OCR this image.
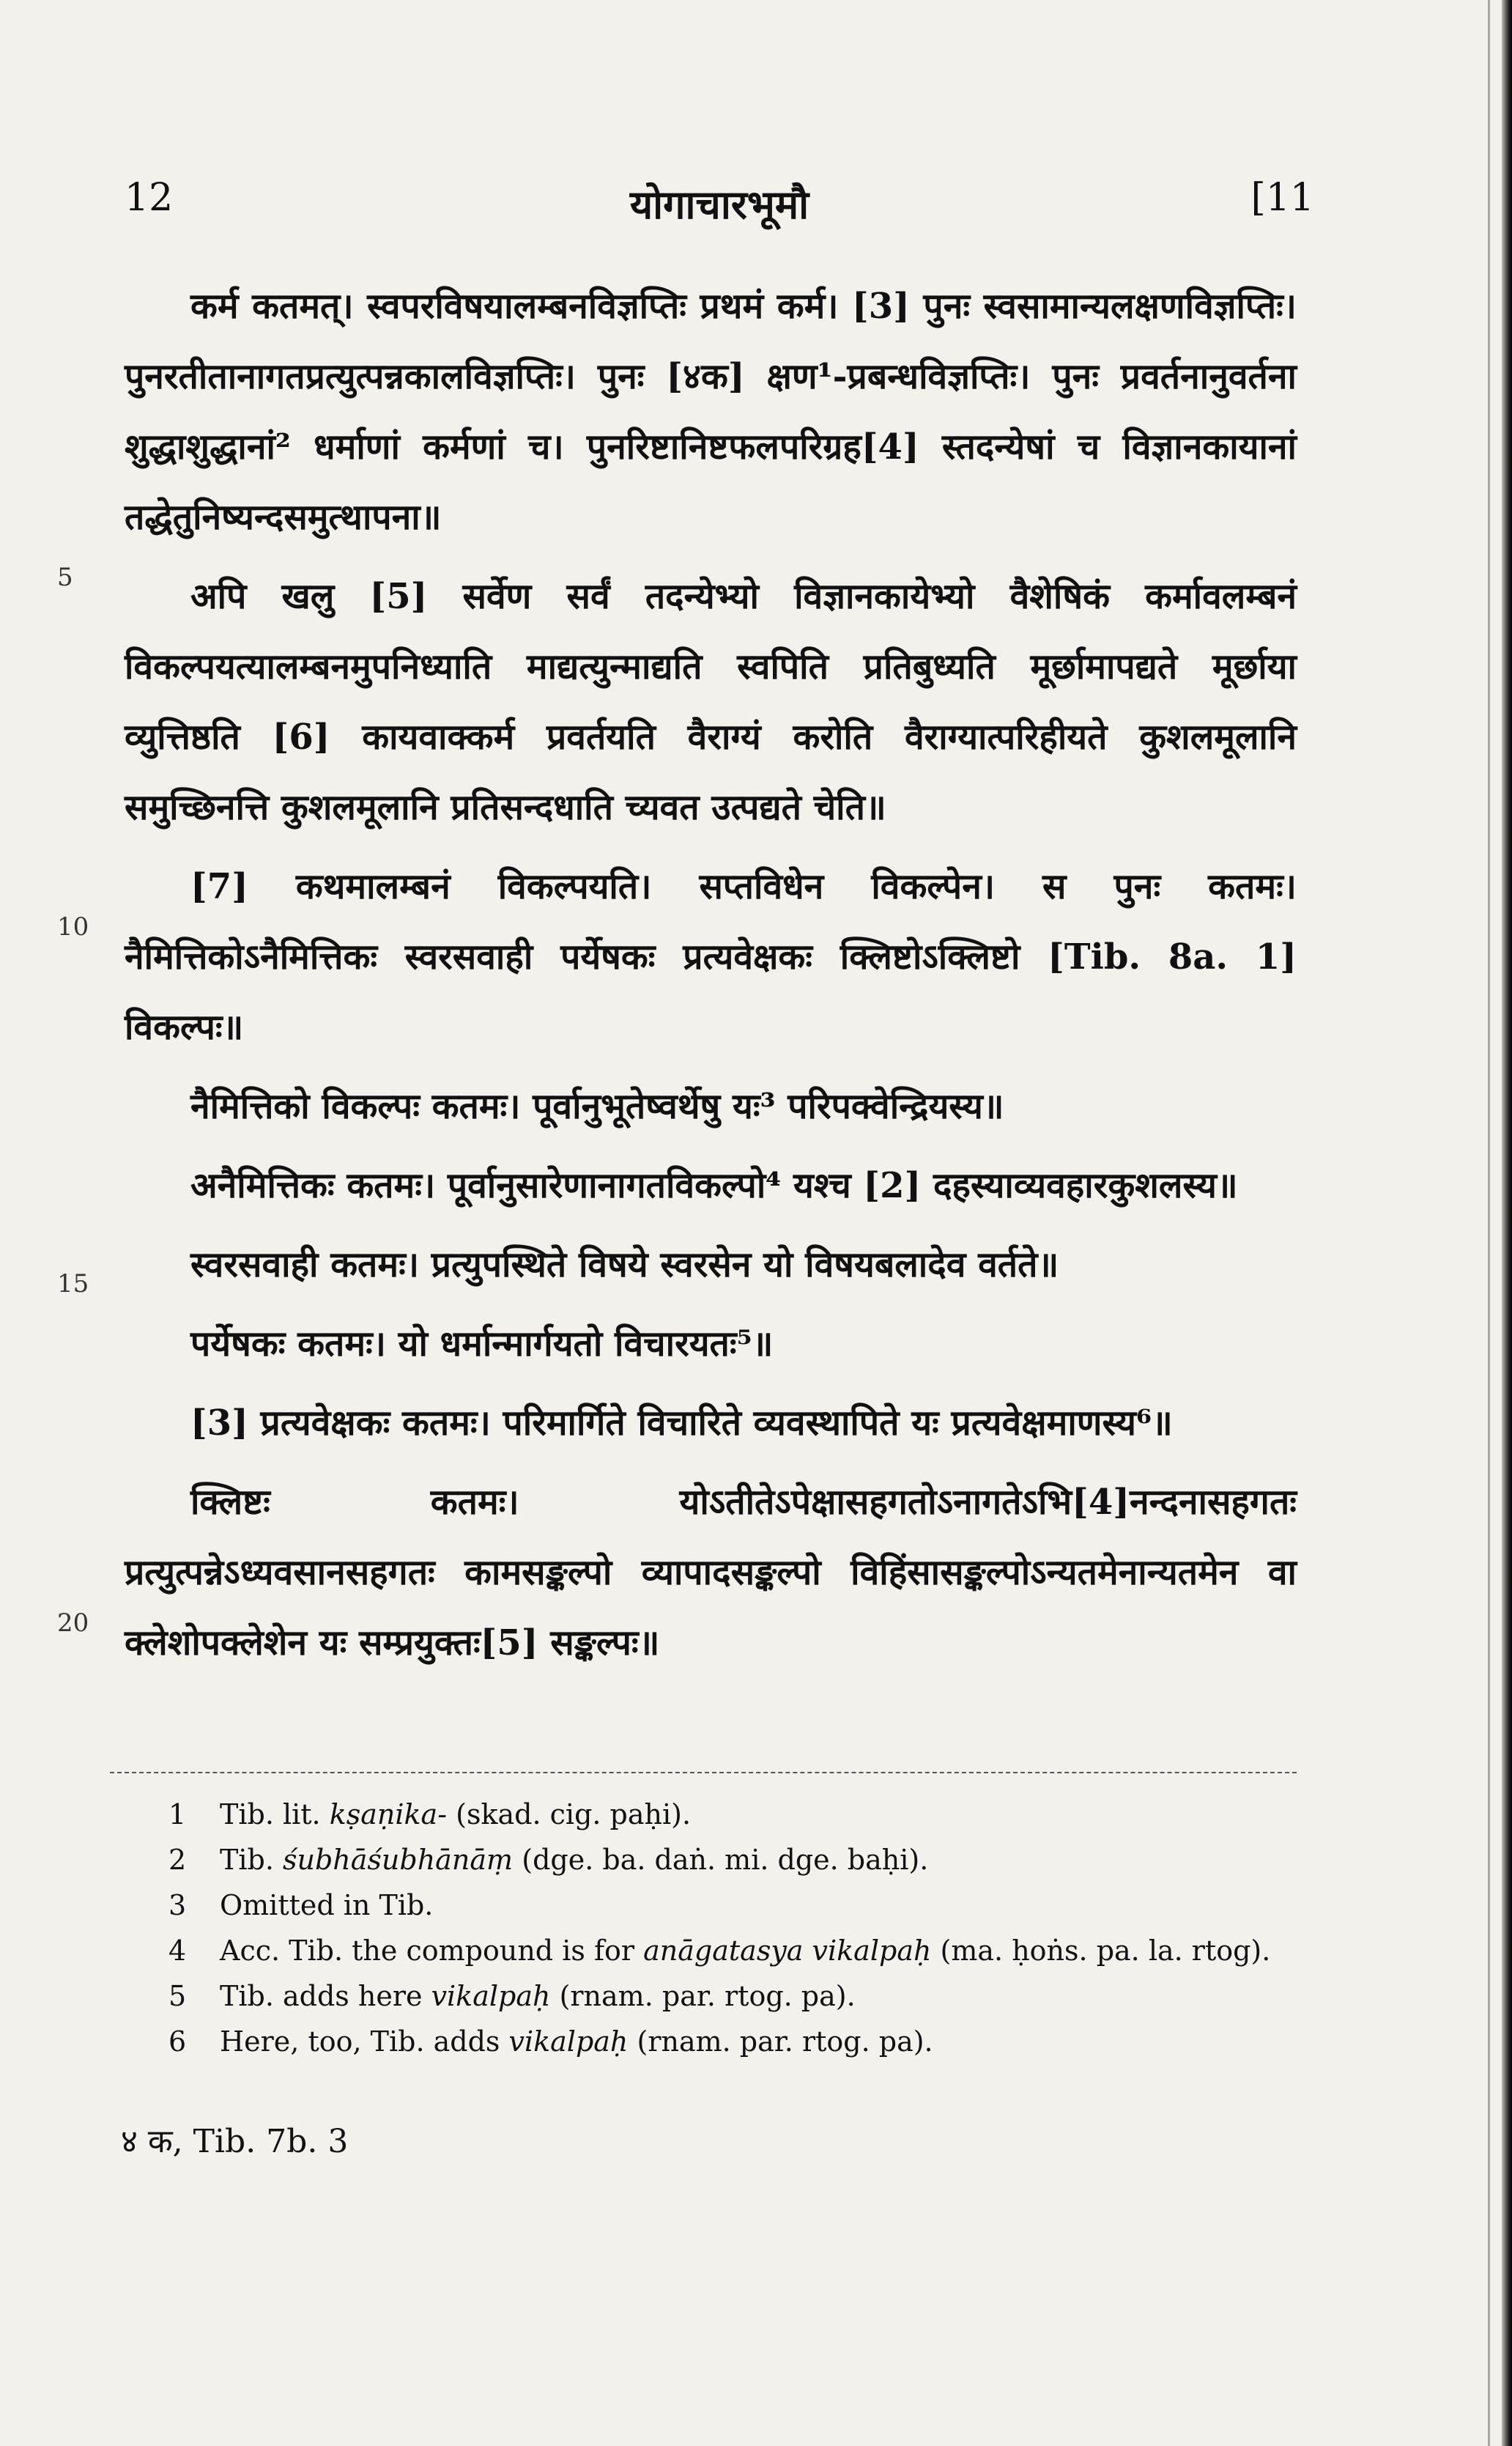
12	योगाचारभूमौ	[11
5
10
15
20

कर्म कतमत्। स्वपरविषयालम्बनविज्ञप्तिः प्रथमं कर्म। [3] पुनः स्वसामान्यलक्षणविज्ञप्तिः। पुनरतीतानागतप्रत्युत्पन्नकालविज्ञप्तिः। पुनः [४क] क्षण¹-प्रबन्धविज्ञप्तिः। पुनः प्रवर्तनानुवर्तना शुद्धाशुद्धानां² धर्माणां कर्मणां च। पुनरिष्टानिष्टफलपरिग्रह[4] स्तदन्येषां च विज्ञानकायानां तद्धेतुनिष्यन्दसमुत्थापना॥

अपि खलु [5] सर्वेण सर्वं तदन्येभ्यो विज्ञानकायेभ्यो वैशेषिकं कर्मावलम्बनं विकल्पयत्यालम्बनमुपनिध्याति माद्यत्युन्माद्यति स्वपिति प्रतिबुध्यति मूर्छामापद्यते मूर्छाया व्युत्तिष्ठति [6] कायवाक्कर्म प्रवर्तयति वैराग्यं करोति वैराग्यात्परिहीयते कुशलमूलानि समुच्छिनत्ति कुशलमूलानि प्रतिसन्दधाति च्यवत उत्पद्यते चेति॥

[7] कथमालम्बनं विकल्पयति। सप्तविधेन विकल्पेन। स पुनः कतमः। नैमित्तिकोऽनैमित्तिकः स्वरसवाही पर्येषकः प्रत्यवेक्षकः क्लिष्टोऽक्लिष्टो [Tib. 8a. 1] विकल्पः॥

नैमित्तिको विकल्पः कतमः। पूर्वानुभूतेष्वर्थेषु यः³ परिपक्वेन्द्रियस्य॥

अनैमित्तिकः कतमः। पूर्वानुसारेणानागतविकल्पो⁴ यश्च [2] दहस्याव्यवहारकुशलस्य॥

स्वरसवाही कतमः। प्रत्युपस्थिते विषये स्वरसेन यो विषयबलादेव वर्तते॥

पर्येषकः कतमः। यो धर्मान्मार्गयतो विचारयतः⁵॥

[3] प्रत्यवेक्षकः कतमः। परिमार्गिते विचारिते व्यवस्थापिते यः प्रत्यवेक्षमाणस्य⁶॥

क्लिष्टः कतमः। योऽतीतेऽपेक्षासहगतोऽनागतेऽभि[4]नन्दनासहगतः प्रत्युत्पन्नेऽध्यवसानसहगतः कामसङ्कल्पो व्यापादसङ्कल्पो विहिंसासङ्कल्पोऽन्यतमेनान्यतमेन वा क्लेशोपक्लेशेन यः सम्प्रयुक्तः[5] सङ्कल्पः॥

1 Tib. lit. kṣaṇika- (skad. cig. paḥi).
2 Tib. śubhāśubhānāṃ (dge. ba. daṅ. mi. dge. baḥi).
3 Omitted in Tib.
4 Acc. Tib. the compound is for anāgatasya vikalpaḥ (ma. ḥoṅs. pa. la. rtog).
5 Tib. adds here vikalpaḥ (rnam. par. rtog. pa).
6 Here, too, Tib. adds vikalpaḥ (rnam. par. rtog. pa).
४ क, Tib. 7b. 3
